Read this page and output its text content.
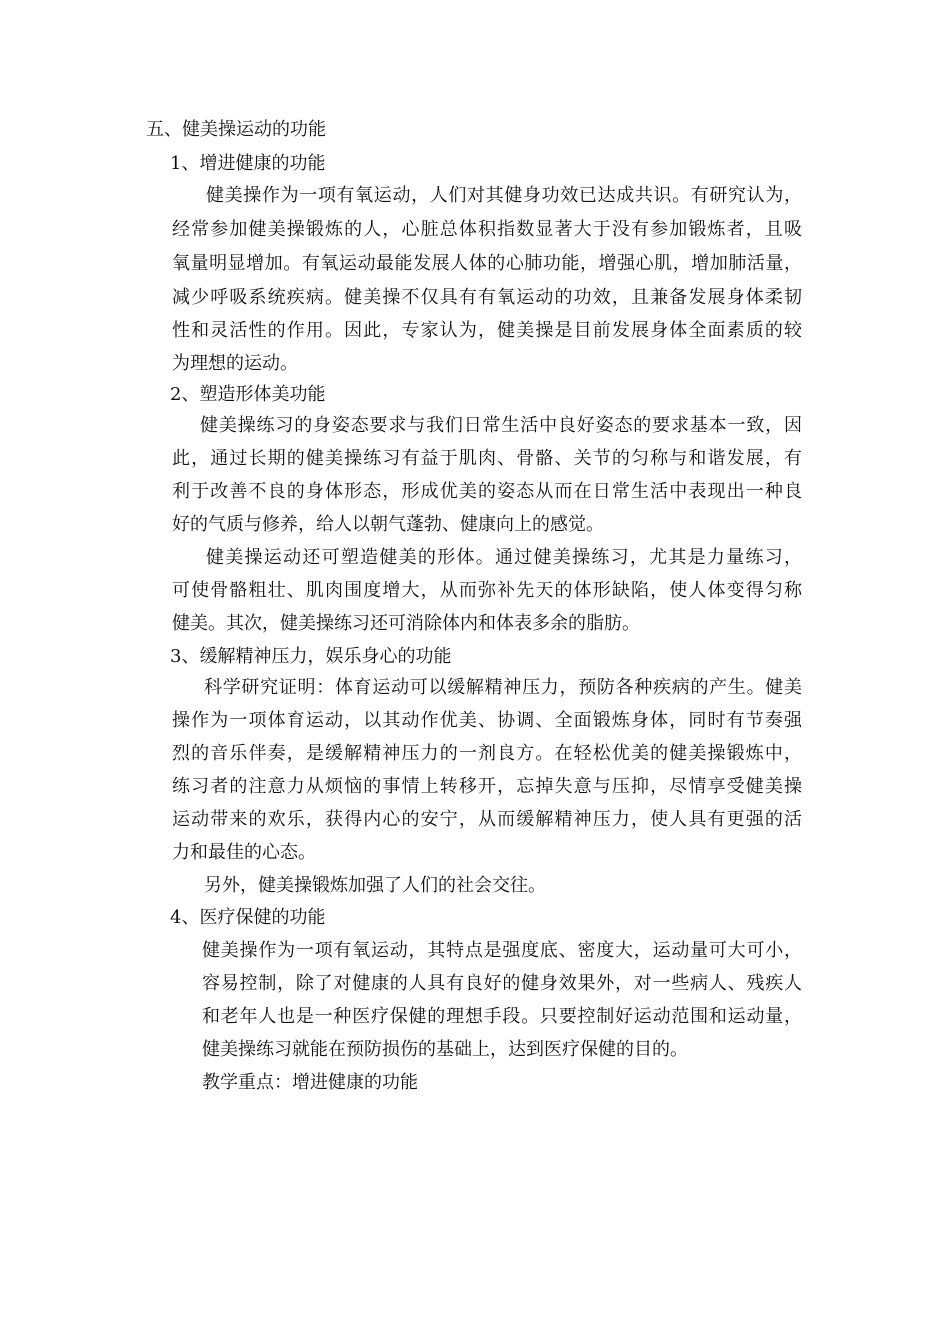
五、健美操运动的功能
1、增进健康的功能
健美操作为一项有氧运动，人们对其健身功效已达成共识。有研究认为，
经常参加健美操锻炼的人，心脏总体积指数显著大于没有参加锻炼者，且吸
氧量明显增加。有氧运动最能发展人体的心肺功能，增强心肌，增加肺活量，
减少呼吸系统疾病。健美操不仅具有有氧运动的功效，且兼备发展身体柔韧
性和灵活性的作用。因此，专家认为，健美操是目前发展身体全面素质的较
为理想的运动。
2、塑造形体美功能
健美操练习的身姿态要求与我们日常生活中良好姿态的要求基本一致，因
此，通过长期的健美操练习有益于肌肉、骨骼、关节的匀称与和谐发展，有
利于改善不良的身体形态，形成优美的姿态从而在日常生活中表现出一种良
好的气质与修养，给人以朝气蓬勃、健康向上的感觉。
健美操运动还可塑造健美的形体。通过健美操练习，尤其是力量练习，
可使骨骼粗壮、肌肉围度增大，从而弥补先天的体形缺陷，使人体变得匀称
健美。其次，健美操练习还可消除体内和体表多余的脂肪。
3、缓解精神压力，娱乐身心的功能
科学研究证明：体育运动可以缓解精神压力，预防各种疾病的产生。健美
操作为一项体育运动，以其动作优美、协调、全面锻炼身体，同时有节奏强
烈的音乐伴奏，是缓解精神压力的一剂良方。在轻松优美的健美操锻炼中，
练习者的注意力从烦恼的事情上转移开，忘掉失意与压抑，尽情享受健美操
运动带来的欢乐，获得内心的安宁，从而缓解精神压力，使人具有更强的活
力和最佳的心态。
另外，健美操锻炼加强了人们的社会交往。
4、医疗保健的功能
健美操作为一项有氧运动，其特点是强度底、密度大，运动量可大可小，
容易控制，除了对健康的人具有良好的健身效果外，对一些病人、残疾人
和老年人也是一种医疗保健的理想手段。只要控制好运动范围和运动量，
健美操练习就能在预防损伤的基础上，达到医疗保健的目的。
教学重点：增进健康的功能
